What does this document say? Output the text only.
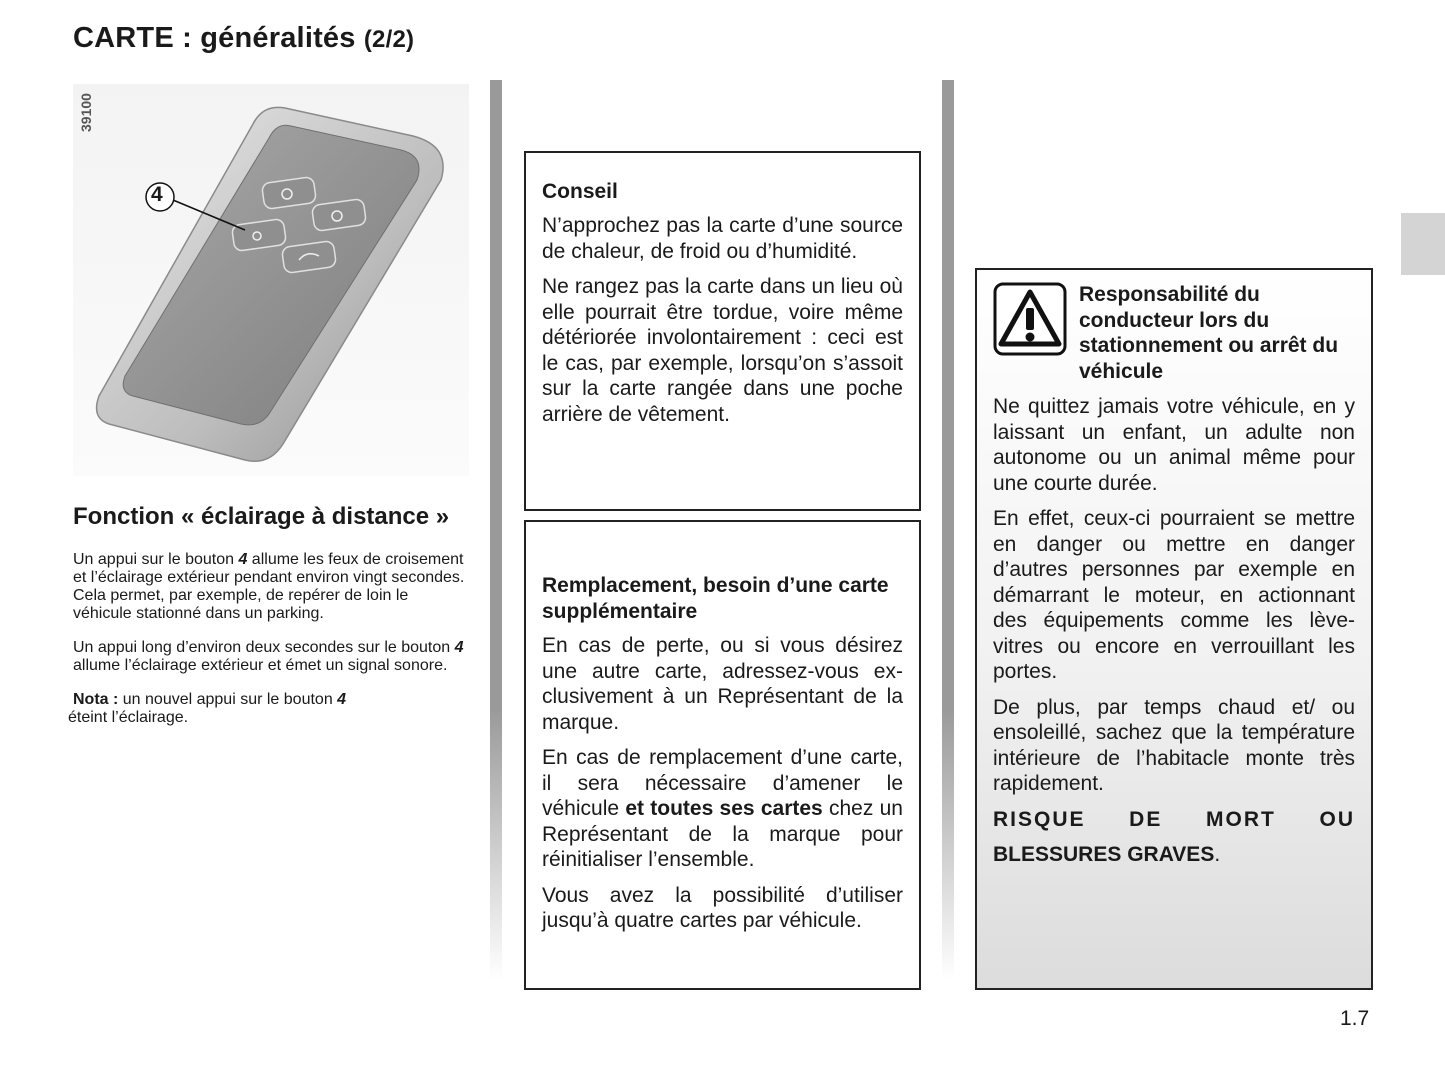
CARTE : généralités (2/2)
4
39100
Fonction « éclairage à distance »

Un appui sur le bouton 4 allume les feux de croisement et l’éclairage extérieur pendant environ vingt secondes. Cela permet, par exemple, de repérer de loin le véhicule stationné dans un parking.

Un appui long d’environ deux secondes sur le bouton 4 allume l’éclairage extérieur et émet un signal sonore.

Nota : un nouvel appui sur le bouton 4
éteint l’éclairage.

Conseil

N’approchez pas la carte d’une source de chaleur, de froid ou d’humidité.

Ne rangez pas la carte dans un lieu où elle pourrait être tordue, voire même détériorée involontairement : ceci est le cas, par exemple, lorsqu’on s’assoit sur la carte rangée dans une poche arrière de vêtement.

Remplacement, besoin d’une carte supplémentaire

En cas de perte, ou si vous désirez une autre carte, adressez-vous exclusivement à un Représentant de la marque.

En cas de remplacement d’une carte, il sera nécessaire d’amener le véhicule et toutes ses cartes chez un Représentant de la marque pour réinitialiser l’ensemble.

Vous avez la possibilité d’utiliser jusqu’à quatre cartes par véhicule.

Responsabilité du conducteur lors du stationnement ou arrêt du véhicule

Ne quittez jamais votre véhicule, en y laissant un enfant, un adulte non autonome ou un animal même pour une courte durée.

En effet, ceux-ci pourraient se mettre en danger ou mettre en danger d’autres personnes par exemple en démarrant le moteur, en actionnant des équipements comme les lève-vitres ou encore en verrouillant les portes.

De plus, par temps chaud et/ ou ensoleillé, sachez que la température intérieure de l’habitacle monte très rapidement.

RISQUE DE MORT OU

BLESSURES GRAVES.

1.7
